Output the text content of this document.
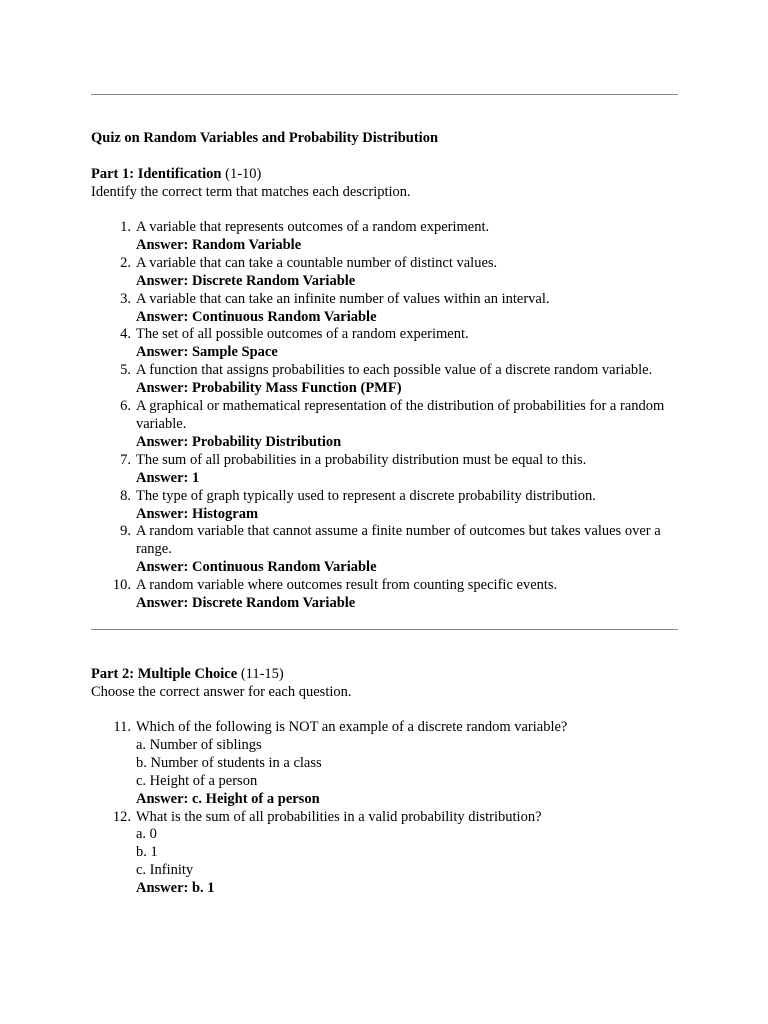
Quiz on Random Variables and Probability Distribution
Part 1: Identification (1-10)
Identify the correct term that matches each description.
1. A variable that represents outcomes of a random experiment.
Answer: Random Variable
2. A variable that can take a countable number of distinct values.
Answer: Discrete Random Variable
3. A variable that can take an infinite number of values within an interval.
Answer: Continuous Random Variable
4. The set of all possible outcomes of a random experiment.
Answer: Sample Space
5. A function that assigns probabilities to each possible value of a discrete random variable.
Answer: Probability Mass Function (PMF)
6. A graphical or mathematical representation of the distribution of probabilities for a random variable.
Answer: Probability Distribution
7. The sum of all probabilities in a probability distribution must be equal to this.
Answer: 1
8. The type of graph typically used to represent a discrete probability distribution.
Answer: Histogram
9. A random variable that cannot assume a finite number of outcomes but takes values over a range.
Answer: Continuous Random Variable
10. A random variable where outcomes result from counting specific events.
Answer: Discrete Random Variable
Part 2: Multiple Choice (11-15)
Choose the correct answer for each question.
11. Which of the following is NOT an example of a discrete random variable?
a. Number of siblings
b. Number of students in a class
c. Height of a person
Answer: c. Height of a person
12. What is the sum of all probabilities in a valid probability distribution?
a. 0
b. 1
c. Infinity
Answer: b. 1
